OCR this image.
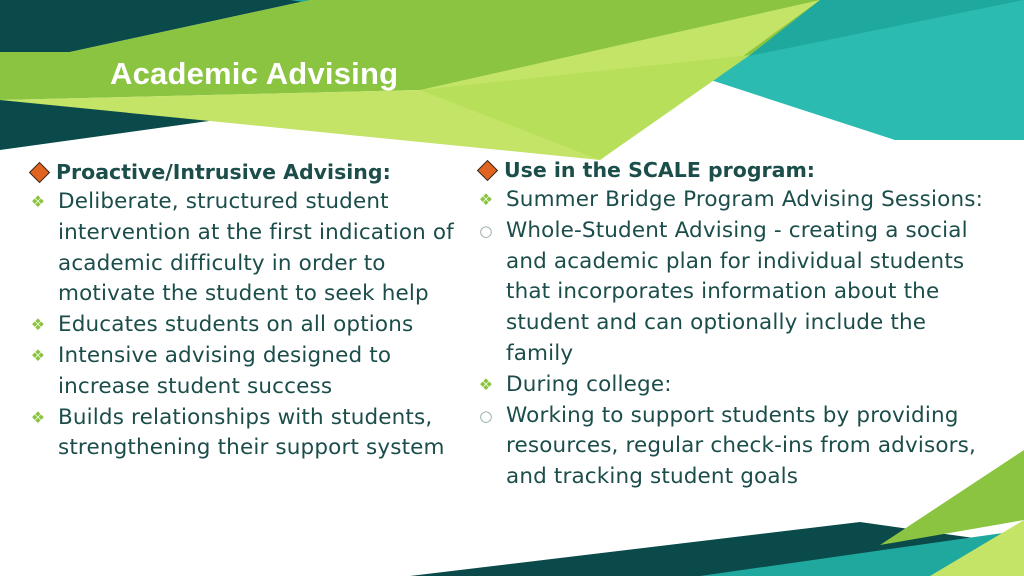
Academic Advising
Proactive/Intrusive Advising:
❖ Deliberate, structured student intervention at the first indication of academic difficulty in order to motivate the student to seek help
❖ Educates students on all options
❖ Intensive advising designed to increase student success
❖ Builds relationships with students, strengthening their support system
Use in the SCALE program:
❖ Summer Bridge Program Advising Sessions:
○ Whole-Student Advising - creating a social and academic plan for individual students that incorporates information about the student and can optionally include the family
❖ During college:
○ Working to support students by providing resources, regular check-ins from advisors, and tracking student goals
